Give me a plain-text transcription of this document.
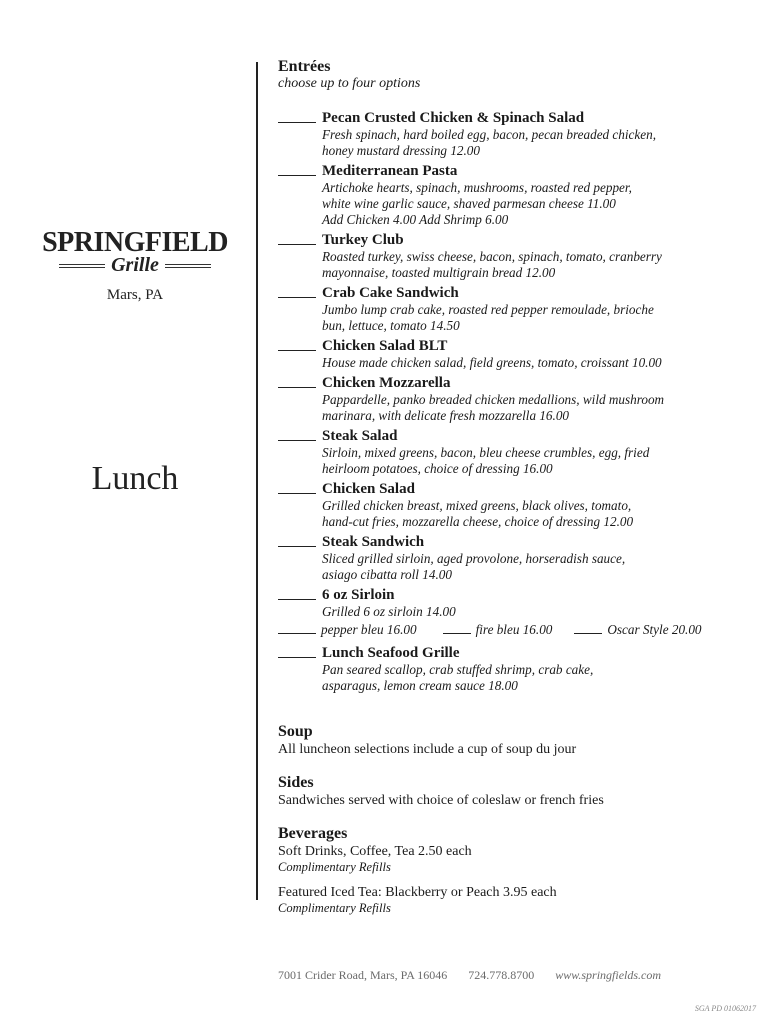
SPRINGFIELD
Grille
Mars, PA
Lunch
Entrées
choose up to four options
Pecan Crusted Chicken & Spinach Salad
Fresh spinach, hard boiled egg, bacon, pecan breaded chicken,
honey mustard dressing 12.00
Mediterranean Pasta
Artichoke hearts, spinach, mushrooms, roasted red pepper,
white wine garlic sauce, shaved parmesan cheese 11.00
Add Chicken 4.00 Add Shrimp 6.00
Turkey Club
Roasted turkey, swiss cheese, bacon, spinach, tomato, cranberry
mayonnaise, toasted multigrain bread 12.00
Crab Cake Sandwich
Jumbo lump crab cake, roasted red pepper remoulade, brioche
bun, lettuce, tomato 14.50
Chicken Salad BLT
House made chicken salad, field greens, tomato, croissant 10.00
Chicken Mozzarella
Pappardelle, panko breaded chicken medallions, wild mushroom
marinara, with delicate fresh mozzarella 16.00
Steak Salad
Sirloin, mixed greens, bacon, bleu cheese crumbles, egg, fried
heirloom potatoes, choice of dressing 16.00
Chicken Salad
Grilled chicken breast, mixed greens, black olives, tomato,
hand-cut fries, mozzarella cheese, choice of dressing 12.00
Steak Sandwich
Sliced grilled sirloin, aged provolone, horseradish sauce,
asiago cibatta roll 14.00
6 oz Sirloin
Grilled 6 oz sirloin 14.00
pepper bleu 16.00	fire bleu 16.00	Oscar Style 20.00
Lunch Seafood Grille
Pan seared scallop, crab stuffed shrimp, crab cake,
asparagus, lemon cream sauce 18.00
Soup
All luncheon selections include a cup of soup du jour
Sides
Sandwiches served with choice of coleslaw or french fries
Beverages
Soft Drinks, Coffee, Tea 2.50 each
Complimentary Refills
Featured Iced Tea: Blackberry or Peach 3.95 each
Complimentary Refills
7001 Crider Road, Mars, PA 16046 724.778.8700 www.springfields.com
SGA PD 01062017
